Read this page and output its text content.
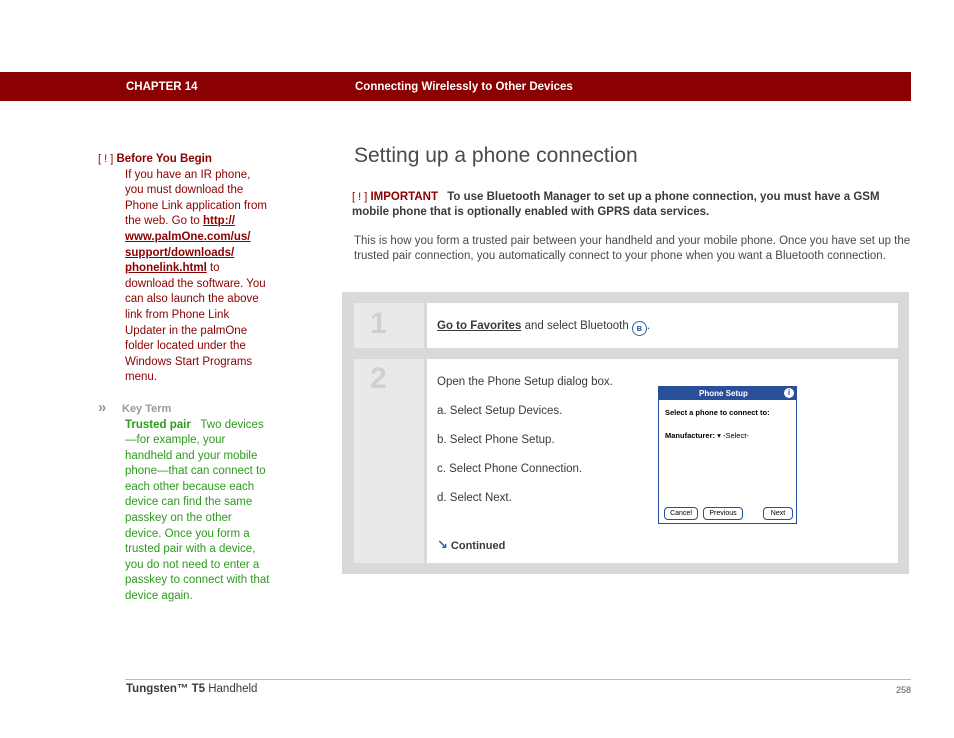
CHAPTER 14	Connecting Wirelessly to Other Devices
[ ! ] Before You Begin
If you have an IR phone, you must download the Phone Link application from the web. Go to http://
www.palmOne.com/us/
support/downloads/
phonelink.html to download the software. You can also launch the above link from Phone Link Updater in the palmOne folder located under the Windows Start Programs menu.
» Key Term
Trusted pair Two devices—for example, your handheld and your mobile phone—that can connect to each other because each device can find the same passkey on the other device. Once you form a trusted pair with a device, you do not need to enter a passkey to connect with that device again.
Setting up a phone connection
[ ! ] IMPORTANT To use Bluetooth Manager to set up a phone connection, you must have a GSM mobile phone that is optionally enabled with GPRS data services.
This is how you form a trusted pair between your handheld and your mobile phone. Once you have set up the trusted pair connection, you automatically connect to your phone when you want a Bluetooth connection.
1	Go to Favorites and select Bluetooth ʙ .
2	Open the Phone Setup dialog box.

a. Select Setup Devices.

b. Select Phone Setup.

c. Select Phone Connection.

d. Select Next.

↘ Continued
Phone Setup	i
Select a phone to connect to:
Manufacturer: ▾ -Select-
Cancel	Previous	Next
Tungsten™ T5 Handheld	258
